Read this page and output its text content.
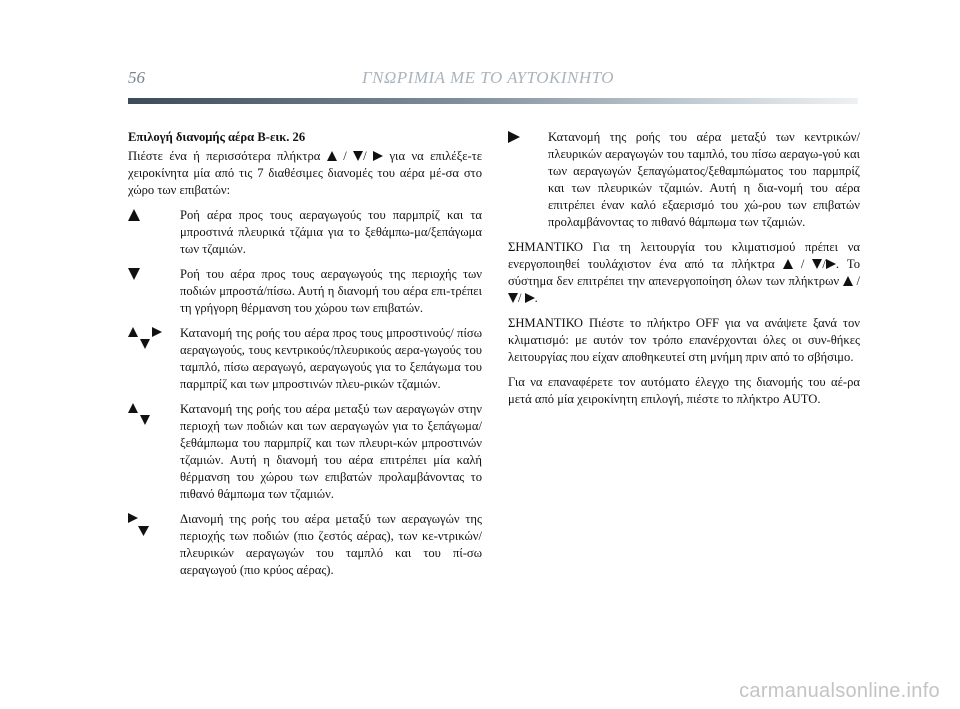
56	ΓΝΩΡΙΜΙΑ ΜΕ ΤΟ ΑΥΤΟΚΙΝΗΤΟ

Επιλογή διανομής αέρα B-εικ. 26

Πιέστε ένα ή περισσότερα πλήκτρα / / για να επιλέξε-τε χειροκίνητα μία από τις 7 διαθέσιμες διανομές του αέρα μέ-σα στο χώρο των επιβατών:

Ροή αέρα προς τους αεραγωγούς του παρμπρίζ και τα μπροστινά πλευρικά τζάμια για το ξεθάμπω-μα/ξεπάγωμα των τζαμιών.
Ροή του αέρα προς τους αεραγωγούς της περιοχής των ποδιών μπροστά/πίσω. Αυτή η διανομή του αέρα επι-τρέπει τη γρήγορη θέρμανση του χώρου των επιβατών.
Κατανομή της ροής του αέρα προς τους μπροστινούς/ πίσω αεραγωγούς, τους κεντρικούς/πλευρικούς αερα-γωγούς του ταμπλό, πίσω αεραγωγό, αεραγωγούς για το ξεπάγωμα του παρμπρίζ και των μπροστινών πλευ-ρικών τζαμιών.
Κατανομή της ροής του αέρα μεταξύ των αεραγωγών στην περιοχή των ποδιών και των αεραγωγών για το ξεπάγωμα/ξεθάμπωμα του παρμπρίζ και των πλευρι-κών μπροστινών τζαμιών. Αυτή η διανομή του αέρα επιτρέπει μία καλή θέρμανση του χώρου των επιβατών προλαμβάνοντας το πιθανό θάμπωμα των τζαμιών.
Διανομή της ροής του αέρα μεταξύ των αεραγωγών της περιοχής των ποδιών (πιο ζεστός αέρας), των κε-ντρικών/πλευρικών αεραγωγών του ταμπλό και του πί-σω αεραγωγού (πιο κρύος αέρας).
Κατανομή της ροής του αέρα μεταξύ των κεντρικών/ πλευρικών αεραγωγών του ταμπλό, του πίσω αεραγω-γού και των αεραγωγών ξεπαγώματος/ξεθαμπώματος του παρμπρίζ και των πλευρικών τζαμιών. Αυτή η δια-νομή του αέρα επιτρέπει έναν καλό εξαερισμό του χώ-ρου των επιβατών προλαμβάνοντας το πιθανό θάμπωμα των τζαμιών.

ΣΗΜΑΝΤΙΚΟ Για τη λειτουργία του κλιματισμού πρέπει να ενεργοποιηθεί τουλάχιστον ένα από τα πλήκτρα / / . Το σύστημα δεν επιτρέπει την απενεργοποίηση όλων των πλήκτρων / / .

ΣΗΜΑΝΤΙΚΟ Πιέστε το πλήκτρο OFF για να ανάψετε ξανά τον κλιματισμό: με αυτόν τον τρόπο επανέρχονται όλες οι συν-θήκες λειτουργίας που είχαν αποθηκευτεί στη μνήμη πριν από το σβήσιμο.

Για να επαναφέρετε τον αυτόματο έλεγχο της διανομής του αέ-ρα μετά από μία χειροκίνητη επιλογή, πιέστε το πλήκτρο AUTO.

carmanualsonline.info
